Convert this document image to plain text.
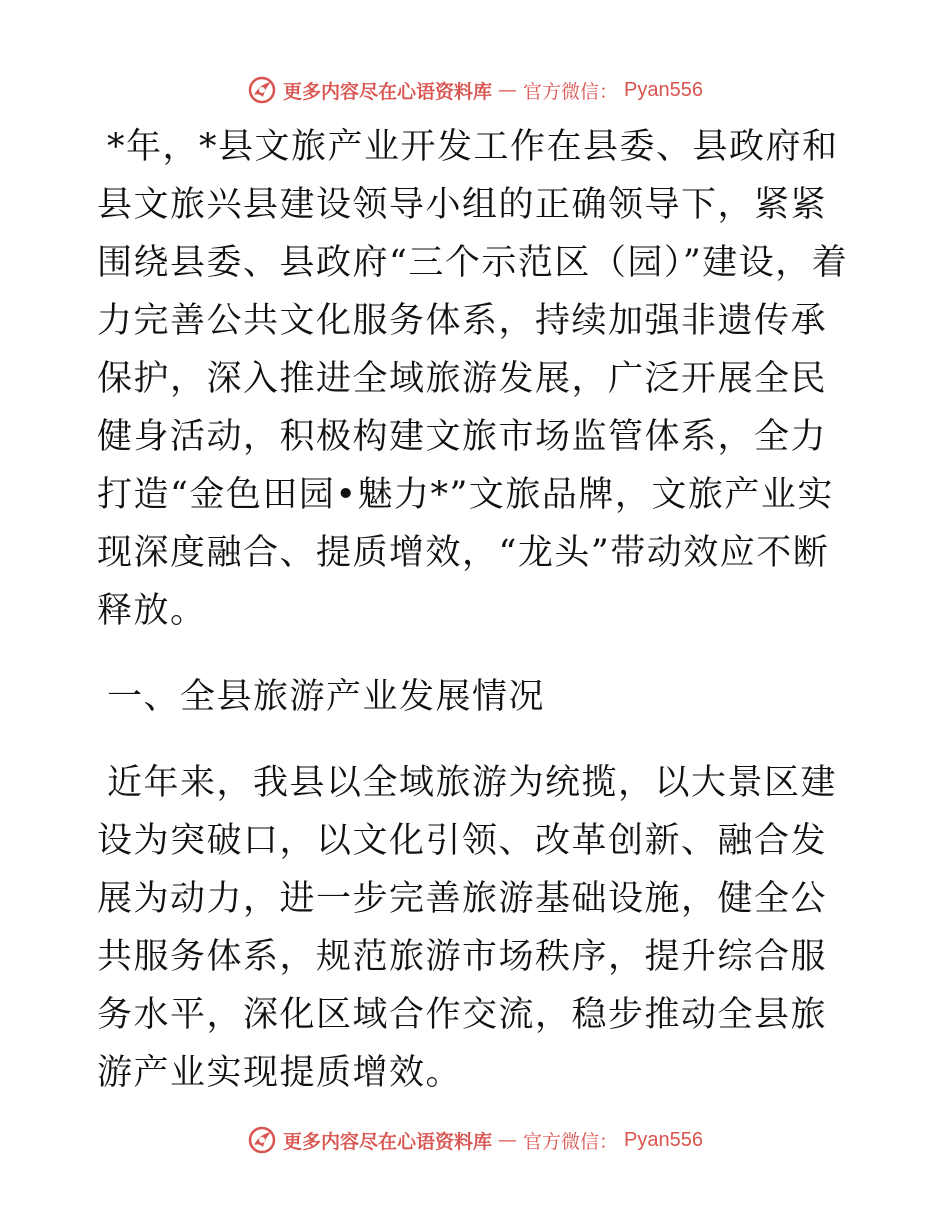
更多内容尽在心语资料库 — 官方微信： Pyan556

*年，*县文旅产业开发工作在县委、县政府和县文旅兴县建设领导小组的正确领导下，紧紧围绕县委、县政府“三个示范区（园）”建设，着力完善公共文化服务体系，持续加强非遗传承保护，深入推进全域旅游发展，广泛开展全民健身活动，积极构建文旅市场监管体系，全力打造“金色田园•魅力*”文旅品牌，文旅产业实现深度融合、提质增效，“龙头”带动效应不断释放。

一、全县旅游产业发展情况

近年来，我县以全域旅游为统揽，以大景区建设为突破口，以文化引领、改革创新、融合发展为动力，进一步完善旅游基础设施，健全公共服务体系，规范旅游市场秩序，提升综合服务水平，深化区域合作交流，稳步推动全县旅游产业实现提质增效。

更多内容尽在心语资料库 — 官方微信： Pyan556
